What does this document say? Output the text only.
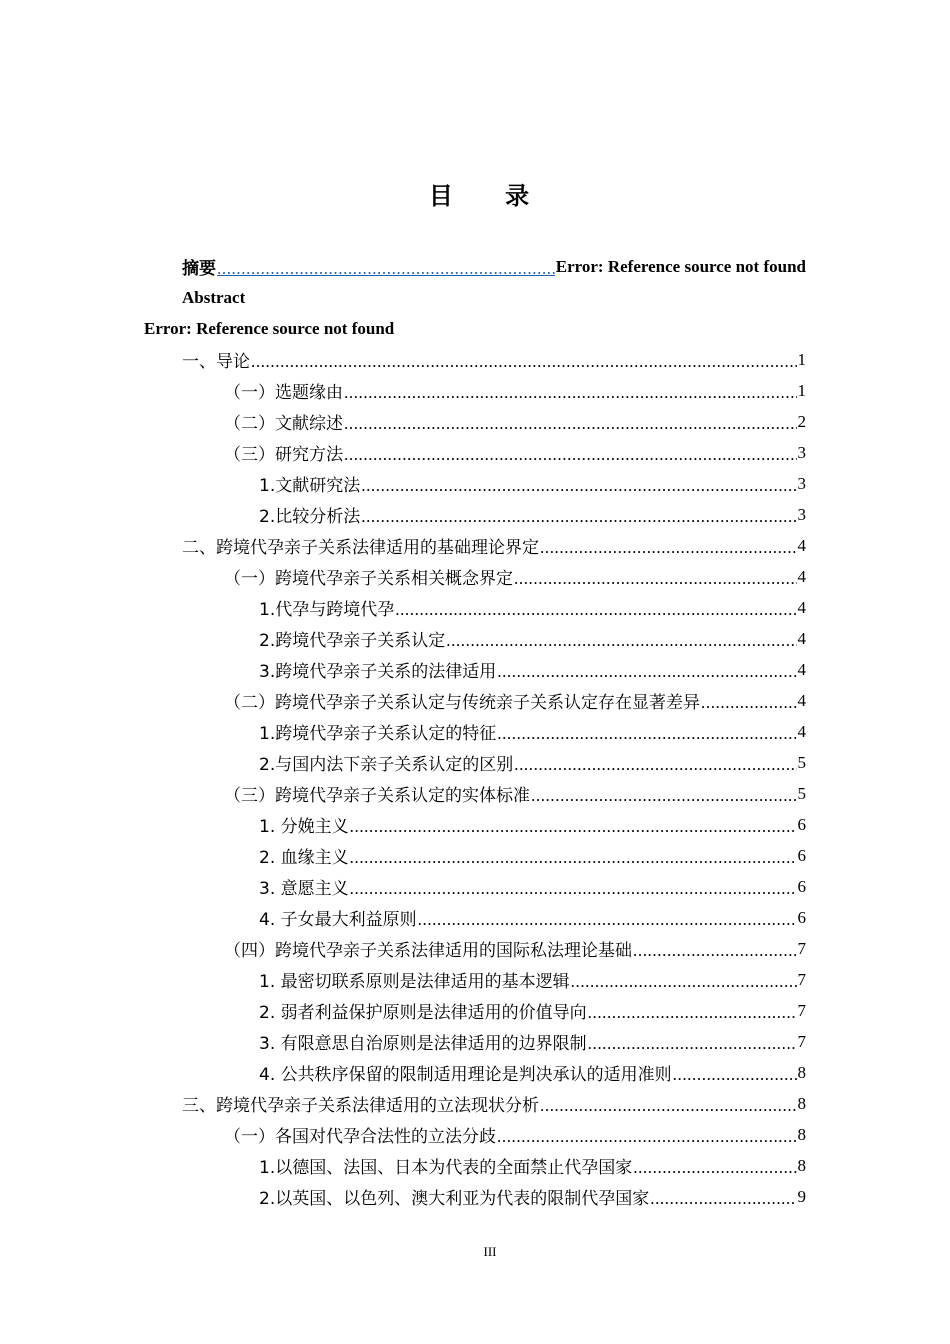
目 录
摘要 .....	Error: Reference source not found
Abstract
Error: Reference source not found
一、导论 .....	1
（一）选题缘由 .....	1
（二）文献综述 .....	2
（三）研究方法 .....	3
1.文献研究法 .....	3
2.比较分析法 .....	3
二、跨境代孕亲子关系法律适用的基础理论界定 .....	4
（一）跨境代孕亲子关系相关概念界定 .....	4
1.代孕与跨境代孕 .....	4
2.跨境代孕亲子关系认定 .....	4
3.跨境代孕亲子关系的法律适用 .....	4
（二）跨境代孕亲子关系认定与传统亲子关系认定存在显著差异 .....	4
1.跨境代孕亲子关系认定的特征 .....	4
2.与国内法下亲子关系认定的区别 .....	5
（三）跨境代孕亲子关系认定的实体标准 .....	5
1. 分娩主义 .....	6
2. 血缘主义 .....	6
3. 意愿主义 .....	6
4. 子女最大利益原则 .....	6
（四）跨境代孕亲子关系法律适用的国际私法理论基础 .....	7
1. 最密切联系原则是法律适用的基本逻辑 .....	7
2. 弱者利益保护原则是法律适用的价值导向 .....	7
3. 有限意思自治原则是法律适用的边界限制 .....	7
4. 公共秩序保留的限制适用理论是判决承认的适用准则 .....	8
三、跨境代孕亲子关系法律适用的立法现状分析 .....	8
（一）各国对代孕合法性的立法分歧 .....	8
1.以德国、法国、日本为代表的全面禁止代孕国家 .....	8
2.以英国、以色列、澳大利亚为代表的限制代孕国家 .....	9
III
